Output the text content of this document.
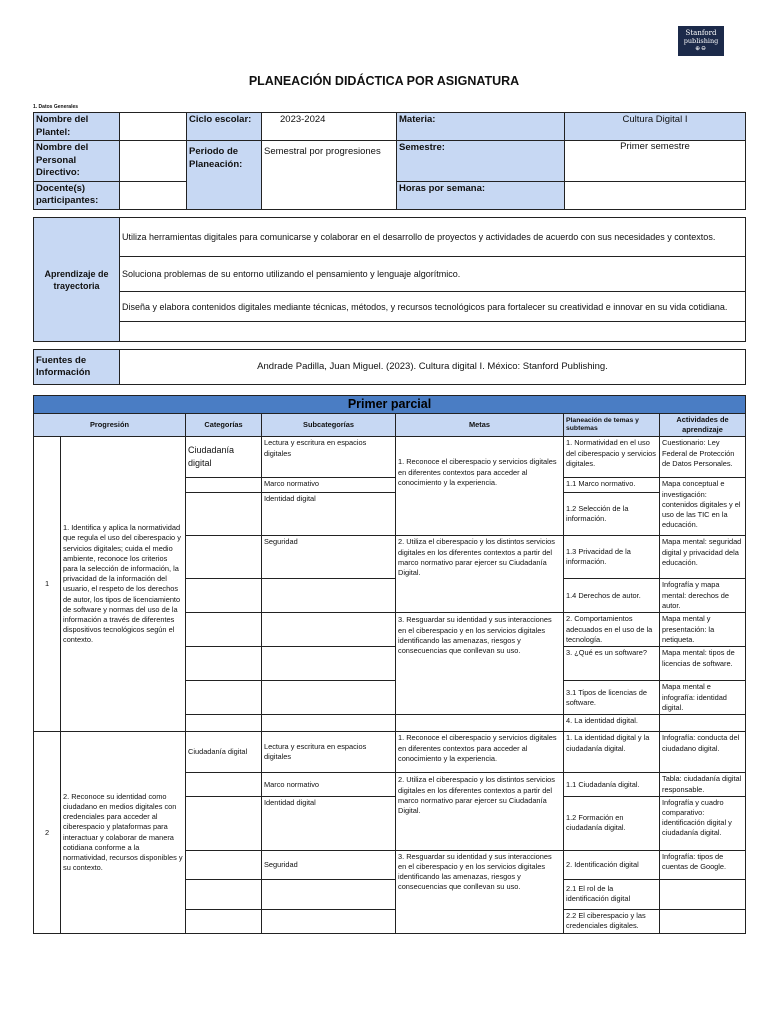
Stanford
publishing
⊕⊖
PLANEACIÓN DIDÁCTICA POR ASIGNATURA
1. Datos Generales
Nombre del Plantel:		Ciclo escolar:	2023-2024	Materia:	Cultura Digital I
Nombre del Personal Directivo:		Periodo de Planeación:	Semestral por progresiones	Semestre:	Primer semestre
Docente(s) participantes:				Horas por semana:	
Aprendizaje de trayectoria	Utiliza herramientas digitales para comunicarse y colaborar en el desarrollo de proyectos y actividades de acuerdo con sus necesidades y contextos.
Soluciona problemas de su entorno utilizando el pensamiento y lenguaje algorítmico.
Diseña y elabora contenidos digitales mediante técnicas, métodos, y recursos tecnológicos para fortalecer su creatividad e innovar en su vida cotidiana.

Fuentes de Información	Andrade Padilla, Juan Miguel. (2023). Cultura digital I. México: Stanford Publishing.
Primer parcial						
Progresión		Categorías	Subcategorías	Metas	Planeación de temas y subtemas	Actividades de aprendizaje
1	1. Identifica y aplica la normatividad que regula el uso del ciberespacio y servicios digitales; cuida el medio ambiente, reconoce los criterios para la selección de información, la privacidad de la información del usuario, el respeto de los derechos de autor, los tipos de licenciamiento de software y normas del uso de la información a través de diferentes dispositivos tecnológicos según el contexto.	Ciudadanía digital	Lectura y escritura en espacios digitales	1. Reconoce el ciberespacio y servicios digitales en diferentes contextos para acceder al conocimiento y la experiencia.	1. Normatividad en el uso del ciberespacio y servicios digitales.	Cuestionario: Ley Federal de Protección de Datos Personales.
			Marco normativo		1.1 Marco normativo.	Mapa conceptual e investigación: contenidos digitales y el uso de las TIC en la educación.
			Identidad digital		1.2 Selección de la información.	
			Seguridad	2. Utiliza el ciberespacio y los distintos servicios digitales en los diferentes contextos a partir del marco normativo parar ejercer su Ciudadanía Digital.	1.3 Privacidad de la información.	Mapa mental: seguridad digital y privacidad dela educación.
					1.4 Derechos de autor.	Infografía y mapa mental: derechos de autor.
				3. Resguardar su identidad y sus interacciones en el ciberespacio y en los servicios digitales identificando las amenazas, riesgos y consecuencias que conllevan su uso.	2. Comportamientos adecuados en el uso de la tecnología.	Mapa mental y presentación: la netiqueta.
					3. ¿Qué es un software?	Mapa mental: tipos de licencias de software.
					3.1 Tipos de licencias de software.	Mapa mental e infografía: identidad digital.
					4. La identidad digital.	
2	2. Reconoce su identidad como ciudadano en medios digitales con credenciales para acceder al ciberespacio y plataformas para interactuar y colaborar de manera cotidiana conforme a la normatividad, recursos disponibles y su contexto.	Ciudadanía digital	Lectura y escritura en espacios digitales	1. Reconoce el ciberespacio y servicios digitales en diferentes contextos para acceder al conocimiento y la experiencia.	1. La identidad digital y la ciudadanía digital.	Infografía: conducta del ciudadano digital.
			Marco normativo	2. Utiliza el ciberespacio y los distintos servicios digitales en los diferentes contextos a partir del marco normativo parar ejercer su Ciudadanía Digital.	1.1 Ciudadanía digital.	Tabla: ciudadanía digital responsable.
			Identidad digital		1.2 Formación en ciudadanía digital.	Infografía y cuadro comparativo: identificación digital y ciudadanía digital.

			Seguridad	3. Resguardar su identidad y sus interacciones en el ciberespacio y en los servicios digitales identificando las amenazas, riesgos y consecuencias que conllevan su uso.	2. Identificación digital	Infografía: tipos de cuentas de Google.
					2.1 El rol de la identificación digital	
					2.2 El ciberespacio y las credenciales digitales.	
